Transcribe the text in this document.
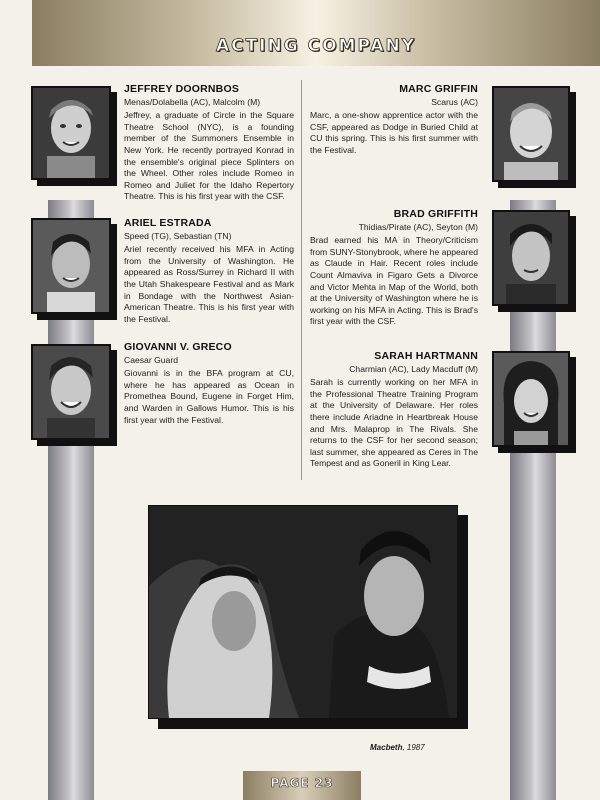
ACTING COMPANY
JEFFREY DOORNBOS
Menas/Dolabella (AC), Malcolm (M)
Jeffrey, a graduate of Circle in the Square Theatre School (NYC), is a founding member of the Summoners Ensemble in New York. He recently portrayed Konrad in the ensemble's original piece Splinters on the Wheel. Other roles include Romeo in Romeo and Juliet for the Idaho Repertory Theatre. This is his first year with the CSF.
MARC GRIFFIN
Scarus (AC)
Marc, a one-show apprentice actor with the CSF, appeared as Dodge in Buried Child at CU this spring. This is his first summer with the Festival.
ARIEL ESTRADA
Speed (TG), Sebastian (TN)
Ariel recently received his MFA in Acting from the University of Washington. He appeared as Ross/Surrey in Richard II with the Utah Shakespeare Festival and as Mark in Bondage with the Northwest Asian-American Theatre. This is his first year with the Festival.
BRAD GRIFFITH
Thidias/Pirate (AC), Seyton (M)
Brad earned his MA in Theory/Criticism from SUNY-Stonybrook, where he appeared as Claude in Hair. Recent roles include Count Almaviva in Figaro Gets a Divorce and Victor Mehta in Map of the World, both at the University of Washington where he is working on his MFA in Acting. This is Brad's first year with the CSF.
GIOVANNI V. GRECO
Caesar Guard
Giovanni is in the BFA program at CU, where he has appeared as Ocean in Promethea Bound, Eugene in Forget Him, and Warden in Gallows Humor. This is his first year with the Festival.
SARAH HARTMANN
Charmian (AC), Lady Macduff (M)
Sarah is currently working on her MFA in the Professional Theatre Training Program at the University of Delaware. Her roles there include Ariadne in Heartbreak House and Mrs. Malaprop in The Rivals. She returns to the CSF for her second season; last summer, she appeared as Ceres in The Tempest and as Goneril in King Lear.
Macbeth, 1987
PAGE 23
